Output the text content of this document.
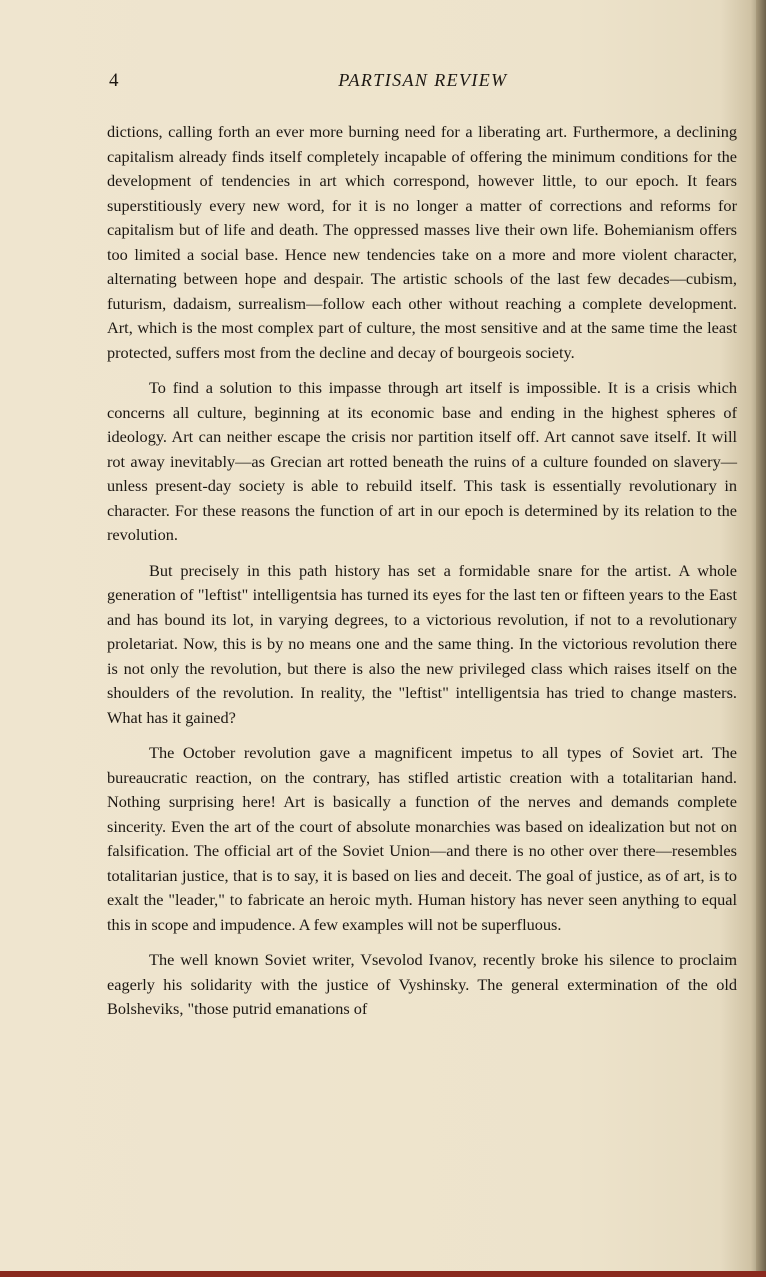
4	PARTISAN REVIEW

dictions, calling forth an ever more burning need for a liberating art. Furthermore, a declining capitalism already finds itself completely incapable of offering the minimum conditions for the development of tendencies in art which correspond, however little, to our epoch. It fears superstitiously every new word, for it is no longer a matter of corrections and reforms for capitalism but of life and death. The oppressed masses live their own life. Bohemianism offers too limited a social base. Hence new tendencies take on a more and more violent character, alternating between hope and despair. The artistic schools of the last few decades—cubism, futurism, dadaism, surrealism—follow each other without reaching a complete development. Art, which is the most complex part of culture, the most sensitive and at the same time the least protected, suffers most from the decline and decay of bourgeois society.

To find a solution to this impasse through art itself is impossible. It is a crisis which concerns all culture, beginning at its economic base and ending in the highest spheres of ideology. Art can neither escape the crisis nor partition itself off. Art cannot save itself. It will rot away inevitably—as Grecian art rotted beneath the ruins of a culture founded on slavery—unless present-day society is able to rebuild itself. This task is essentially revolutionary in character. For these reasons the function of art in our epoch is determined by its relation to the revolution.

But precisely in this path history has set a formidable snare for the artist. A whole generation of "leftist" intelligentsia has turned its eyes for the last ten or fifteen years to the East and has bound its lot, in varying degrees, to a victorious revolution, if not to a revolutionary proletariat. Now, this is by no means one and the same thing. In the victorious revolution there is not only the revolution, but there is also the new privileged class which raises itself on the shoulders of the revolution. In reality, the "leftist" intelligentsia has tried to change masters. What has it gained?

The October revolution gave a magnificent impetus to all types of Soviet art. The bureaucratic reaction, on the contrary, has stifled artistic creation with a totalitarian hand. Nothing surprising here! Art is basically a function of the nerves and demands complete sincerity. Even the art of the court of absolute monarchies was based on idealization but not on falsification. The official art of the Soviet Union—and there is no other over there—resembles totalitarian justice, that is to say, it is based on lies and deceit. The goal of justice, as of art, is to exalt the "leader," to fabricate an heroic myth. Human history has never seen anything to equal this in scope and impudence. A few examples will not be superfluous.

The well known Soviet writer, Vsevolod Ivanov, recently broke his silence to proclaim eagerly his solidarity with the justice of Vyshinsky. The general extermination of the old Bolsheviks, "those putrid emanations of
